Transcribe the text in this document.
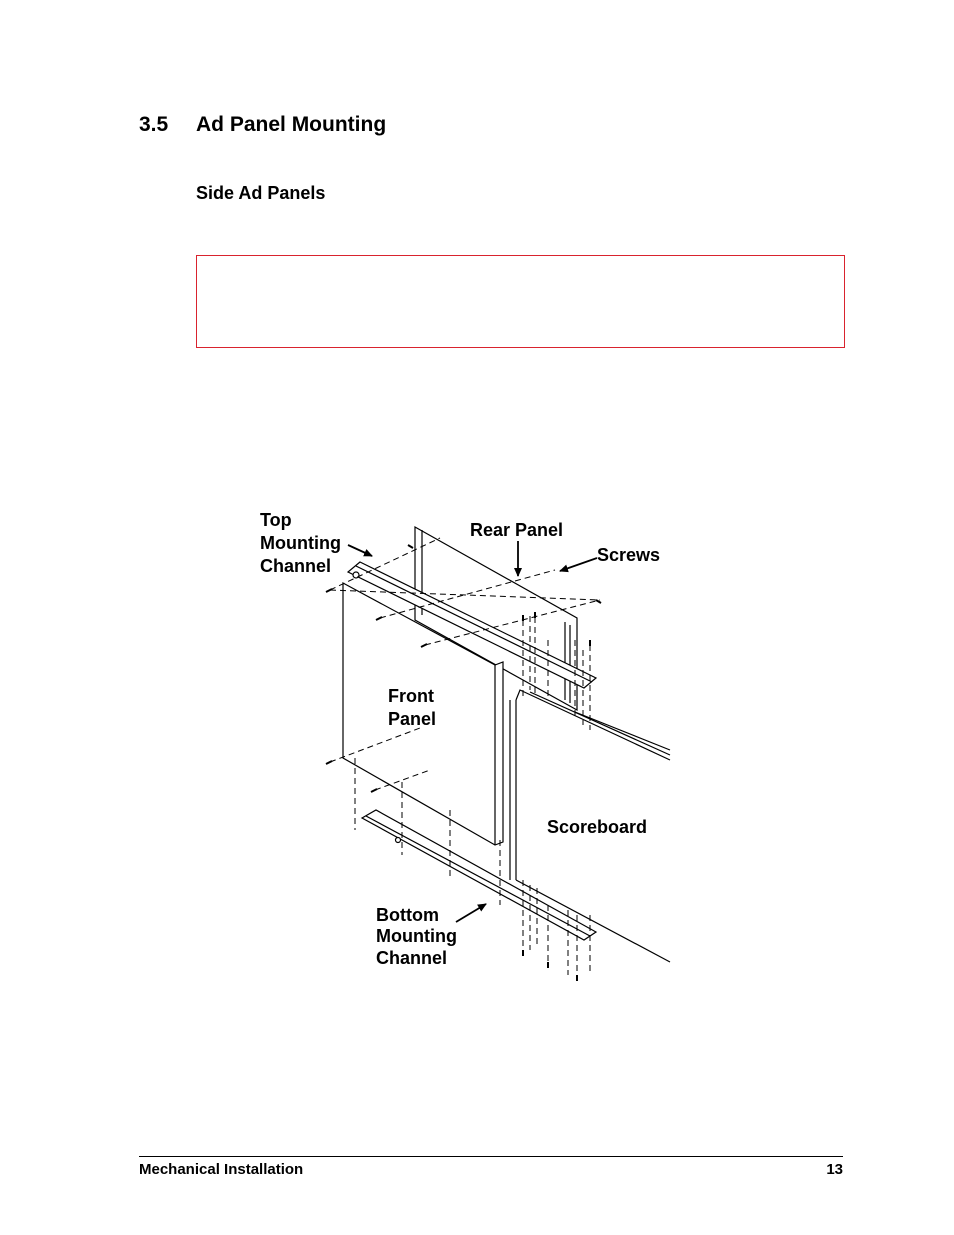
3.5 Ad Panel Mounting
Side Ad Panels
Top Mounting Channel
Rear Panel
Screws
Front Panel
Scoreboard
Bottom Mounting Channel
Mechanical Installation	13
